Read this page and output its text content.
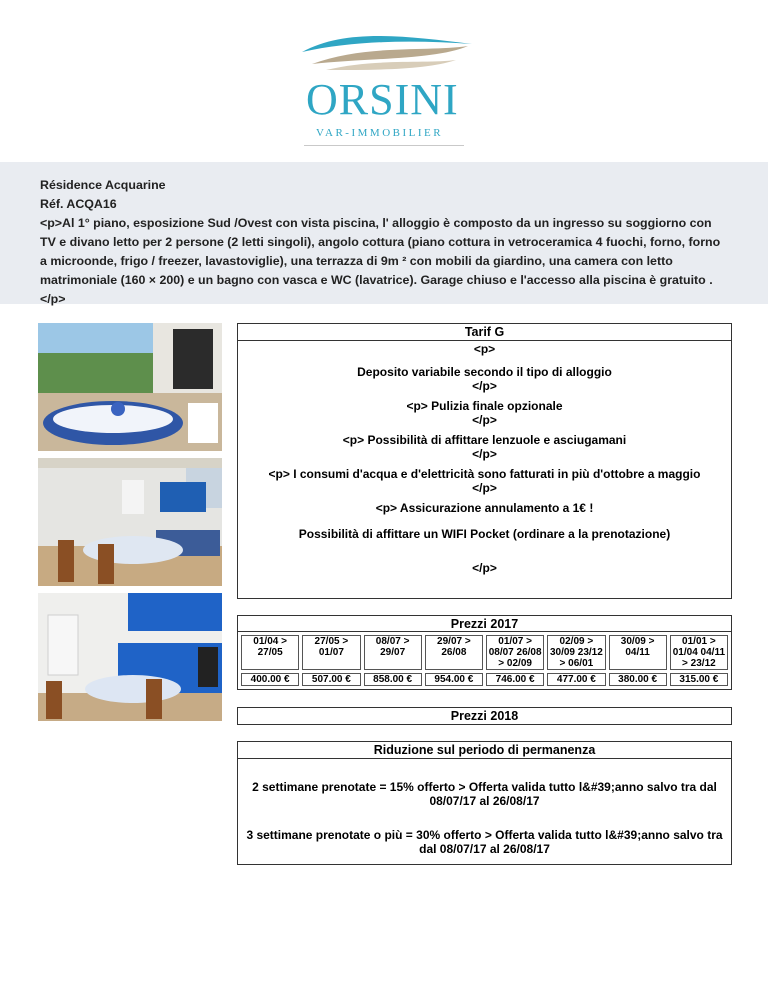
ORSINI
VAR-IMMOBILIER

Résidence Acquarine

Réf. ACQA16

<p>Al 1° piano, esposizione Sud /Ovest con vista piscina, l' alloggio è composto da un ingresso su soggiorno con TV e divano letto per 2 persone (2 letti singoli), angolo cottura (piano cottura in vetroceramica 4 fuochi, forno, forno a microonde, frigo / freezer, lavastoviglie), una terrazza di 9m ² con mobili da giardino, una camera con letto matrimoniale (160 × 200) e un bagno con vasca e WC (lavatrice). Garage chiuso e l'accesso alla piscina è gratuito .</p>

Tarif G
<p>
Deposito variabile secondo il tipo di alloggio
</p>
<p> Pulizia finale opzionale
</p>
<p> Possibilità di affittare lenzuole e asciugamani
</p>
<p> I consumi d'acqua e d'elettricità sono fatturati in più d'ottobre a maggio
</p>
<p> Assicurazione annulamento a 1€ !
Possibilità di affittare un WIFI Pocket (ordinare a la prenotazione)
</p>
Prezzi 2017
01/04 > 27/05	27/05 > 01/07	08/07 > 29/07	29/07 > 26/08	01/07 > 08/07 26/08 > 02/09	02/09 > 30/09 23/12 > 06/01	30/09 > 04/11	01/01 > 01/04 04/11 > 23/12
400.00 €	507.00 €	858.00 €	954.00 €	746.00 €	477.00 €	380.00 €	315.00 €
Prezzi 2018
Riduzione sul periodo di permanenza
2 settimane prenotate = 15% offerto > Offerta valida tutto l&#39;anno salvo tra dal 08/07/17 al 26/08/17
3 settimane prenotate o più = 30% offerto > Offerta valida tutto l&#39;anno salvo tra dal 08/07/17 al 26/08/17
